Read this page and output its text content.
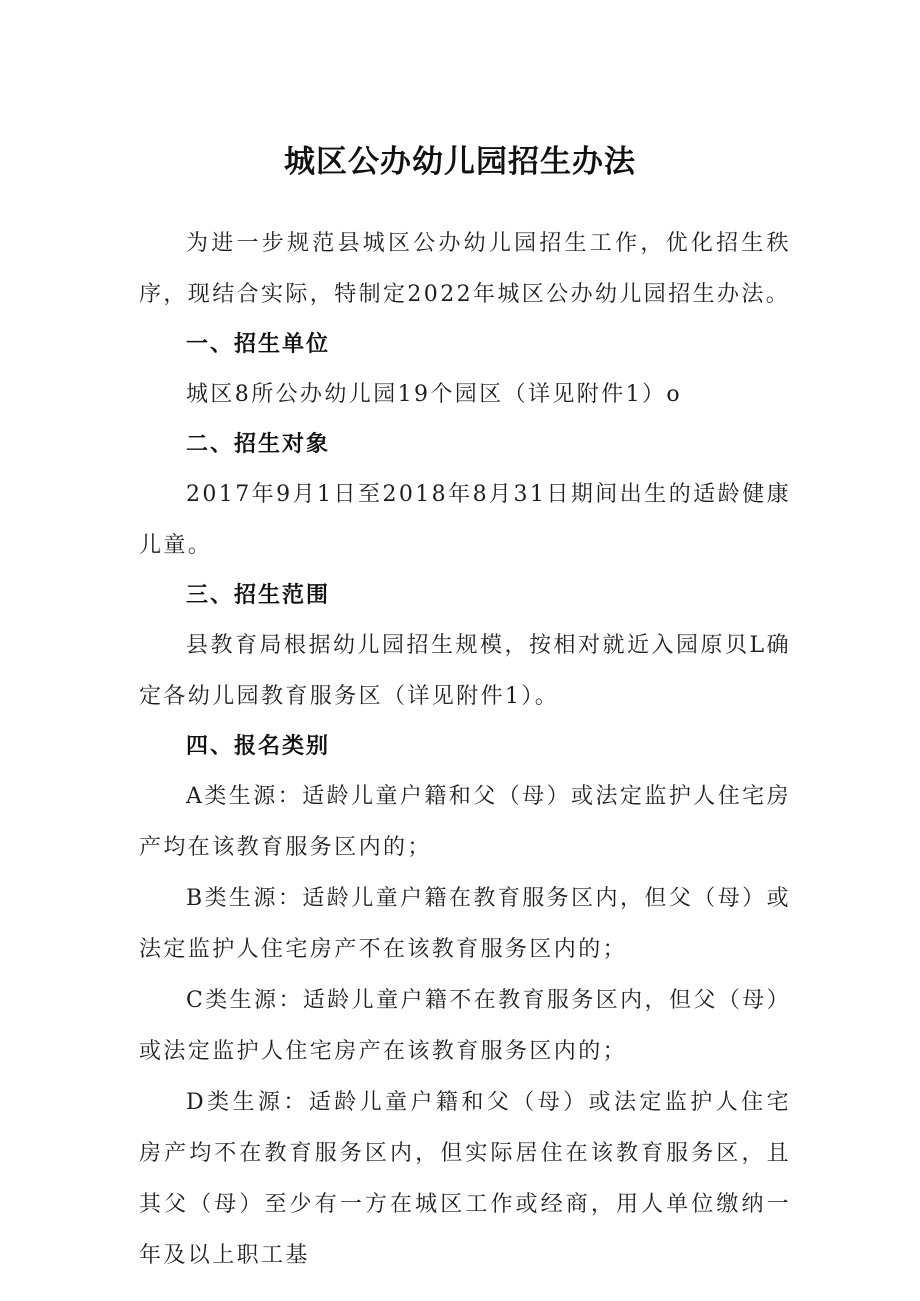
城区公办幼儿园招生办法

为进一步规范县城区公办幼儿园招生工作，优化招生秩序，现结合实际，特制定2022年城区公办幼儿园招生办法。

一、招生单位

城区8所公办幼儿园19个园区（详见附件1）o

二、招生对象

2017年9月1日至2018年8月31日期间出生的适龄健康儿童。

三、招生范围

县教育局根据幼儿园招生规模，按相对就近入园原贝L确定各幼儿园教育服务区（详见附件1）。

四、报名类别

A类生源：适龄儿童户籍和父（母）或法定监护人住宅房产均在该教育服务区内的；

B类生源：适龄儿童户籍在教育服务区内，但父（母）或法定监护人住宅房产不在该教育服务区内的；

C类生源：适龄儿童户籍不在教育服务区内，但父（母）或法定监护人住宅房产在该教育服务区内的；

D类生源：适龄儿童户籍和父（母）或法定监护人住宅房产均不在教育服务区内，但实际居住在该教育服务区，且其父（母）至少有一方在城区工作或经商，用人单位缴纳一年及以上职工基
